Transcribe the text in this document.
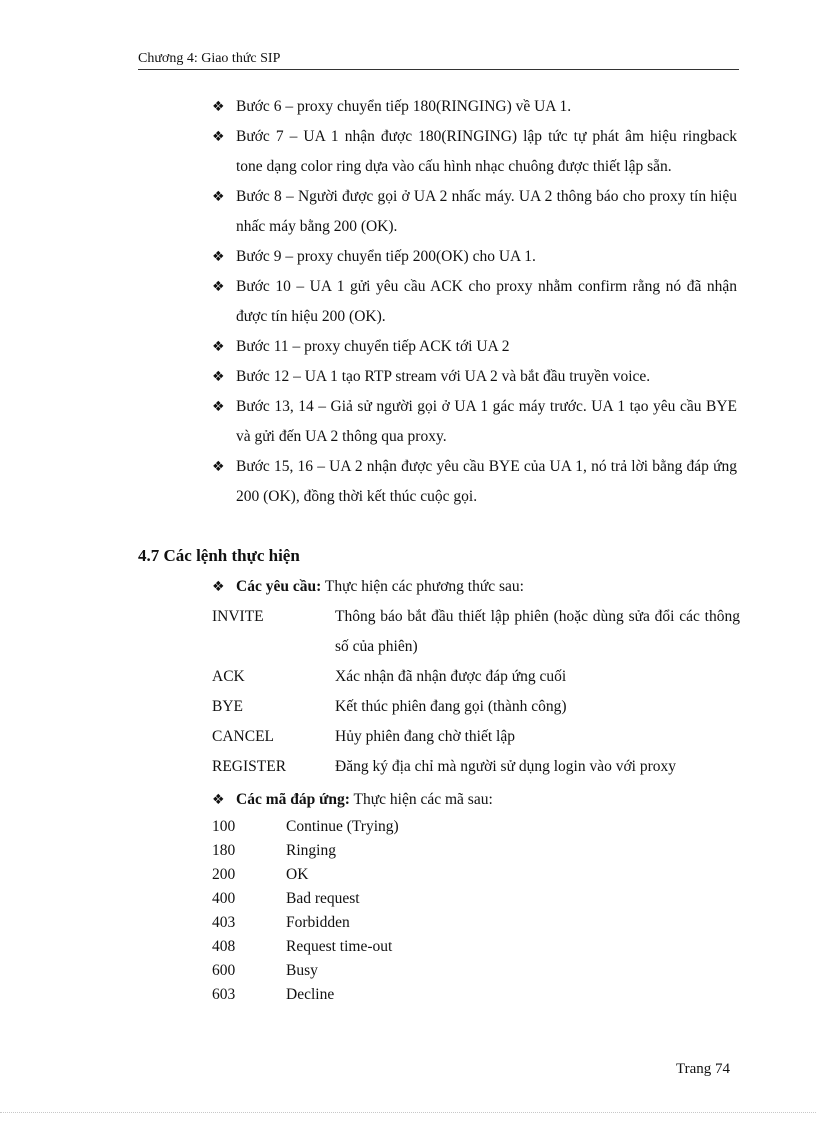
Chương 4: Giao thức SIP
❖ Bước 6 – proxy chuyển tiếp 180(RINGING) về UA 1.
❖ Bước 7 – UA 1 nhận được 180(RINGING) lập tức tự phát âm hiệu ringback tone dạng color ring dựa vào cấu hình nhạc chuông được thiết lập sẵn.
❖ Bước 8 – Người được gọi ở UA 2 nhấc máy. UA 2 thông báo cho proxy tín hiệu nhấc máy bằng 200 (OK).
❖ Bước 9 – proxy chuyển tiếp 200(OK) cho UA 1.
❖ Bước 10 – UA 1 gửi yêu cầu ACK cho proxy nhằm confirm rằng nó đã nhận được tín hiệu 200 (OK).
❖ Bước 11 – proxy chuyển tiếp ACK tới UA 2
❖ Bước 12 – UA 1 tạo RTP stream với UA 2 và bắt đầu truyền voice.
❖ Bước 13, 14 – Giả sử người gọi ở UA 1 gác máy trước. UA 1 tạo yêu cầu BYE và gửi đến UA 2 thông qua proxy.
❖ Bước 15, 16 – UA 2 nhận được yêu cầu BYE của UA 1, nó trả lời bằng đáp ứng 200 (OK), đồng thời kết thúc cuộc gọi.
4.7 Các lệnh thực hiện
❖ Các yêu cầu: Thực hiện các phương thức sau:
INVITE	Thông báo bắt đầu thiết lập phiên (hoặc dùng sửa đổi các thông số của phiên)
ACK	Xác nhận đã nhận được đáp ứng cuối
BYE	Kết thúc phiên đang gọi (thành công)
CANCEL	Hủy phiên đang chờ thiết lập
REGISTER	Đăng ký địa chỉ mà người sử dụng login vào với proxy
❖ Các mã đáp ứng: Thực hiện các mã sau:
100	Continue (Trying)
180	Ringing
200	OK
400	Bad request
403	Forbidden
408	Request time-out
600	Busy
603	Decline
Trang 74
